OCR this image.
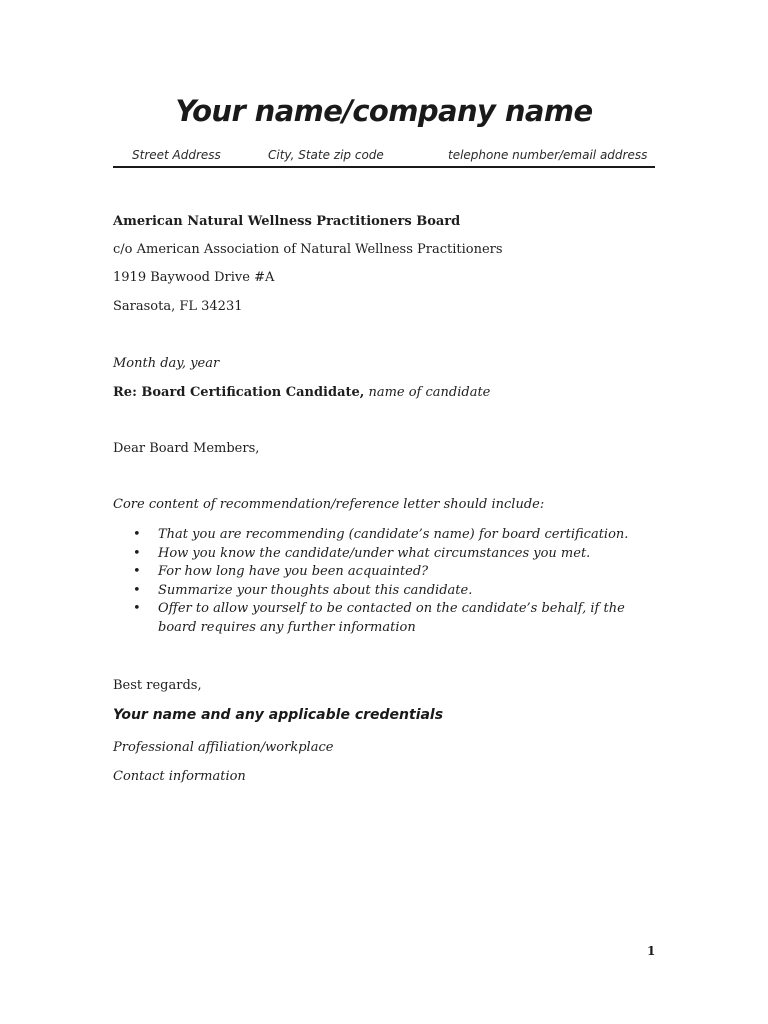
Your name/company name
Street Address	City, State zip code	telephone number/email address
American Natural Wellness Practitioners Board
c/o American Association of Natural Wellness Practitioners
1919 Baywood Drive #A
Sarasota, FL 34231
Month day, year
Re: Board Certification Candidate, name of candidate
Dear Board Members,
Core content of recommendation/reference letter should include:
• That you are recommending (candidate’s name) for board certification.
• How you know the candidate/under what circumstances you met.
• For how long have you been acquainted?
• Summarize your thoughts about this candidate.
• Offer to allow yourself to be contacted on the candidate’s behalf, if the board requires any further information
Best regards,
Your name and any applicable credentials
Professional affiliation/workplace
Contact information
1
